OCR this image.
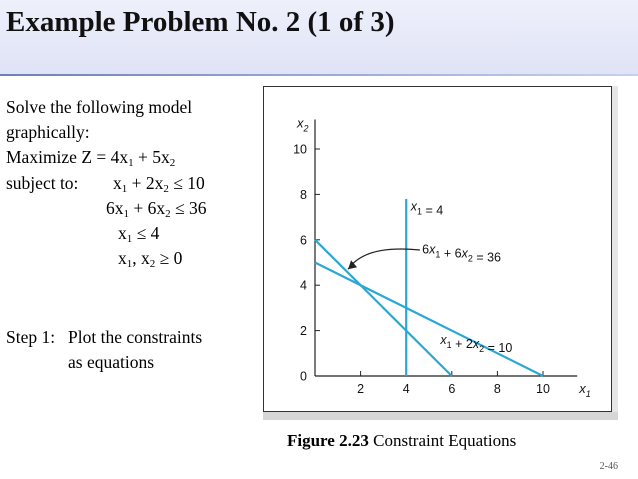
Example Problem No. 2 (1 of 3)
Solve the following model
graphically:
Maximize $Z = 4x_1 + 5x_2$
subject to: $x_1 + 2x_2 \le 10$
$6x_1 + 6x_2 \le 36$
$x_1 \le 4$
$x_1$, $x_2 \ge 0$
Step 1: Plot the constraints
as equations
2	4	6	8	10
0
2
4
6
8
10
$x_2$
$x_1$
$x_1 = 4$
$6x_1 + 6x_2 = 36$
$x_1 + 2x_2 = 10$
Figure 2.23 Constraint Equations
2-46
